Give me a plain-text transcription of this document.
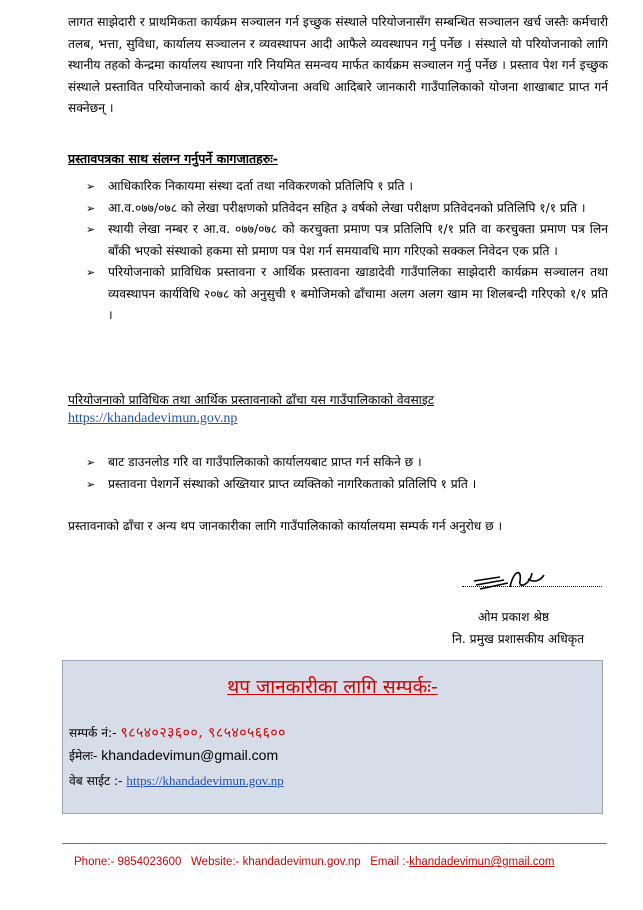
लागत साझेदारी र प्राथमिकता कार्यक्रम सञ्चालन गर्न इच्छुक संस्थाले परियोजनासँग सम्बन्धित सञ्चालन खर्च जस्तैः कर्मचारी तलब, भत्ता, सुविधा, कार्यालय सञ्चालन र व्यवस्थापन आदी आफैले व्यवस्थापन गर्नु पर्नेछ । संस्थाले यो परियोजनाको लागि स्थानीय तहको केन्द्रमा कार्यालय स्थापना गरि नियमित समन्वय मार्फत कार्यक्रम सञ्चालन गर्नु पर्नेछ । प्रस्ताव पेश गर्न इच्छुक संस्थाले प्रस्तावित परियोजनाको कार्य क्षेत्र,परियोजना अवधि आदिबारे जानकारी गाउँपालिकाको योजना शाखाबाट प्राप्त गर्न सक्नेछन् ।

प्रस्तावपत्रका साथ संलग्न गर्नुपर्ने कागजातहरुः-

➢ आधिकारिक निकायमा संस्था दर्ता तथा नविकरणको प्रतिलिपि १ प्रति ।
➢ आ.व.०७७/०७८ को लेखा परीक्षणको प्रतिवेदन सहित ३ वर्षको लेखा परीक्षण प्रतिवेदनको प्रतिलिपि १/१ प्रति ।
➢ स्थायी लेखा नम्बर र आ.व. ०७७/०७८ को करचुक्ता प्रमाण पत्र प्रतिलिपि १/१ प्रति वा करचुक्ता प्रमाण पत्र लिन बाँकी भएको संस्थाको हकमा सो प्रमाण पत्र पेश गर्न समयावधि माग गरिएको सक्कल निवेदन एक प्रति ।
➢ परियोजनाको प्राविधिक प्रस्तावना र आर्थिक प्रस्तावना खाडादेवी गाउँपालिका साझेदारी कार्यक्रम सञ्चालन तथा व्यवस्थापन कार्यविधि २०७८ को अनुसुची १ बमोजिमको ढाँचामा अलग अलग खाम मा शिलबन्दी गरिएको १/१ प्रति ।

परियोजनाको प्राविधिक तथा आर्थिक प्रस्तावनाको ढाँचा यस गाउँपालिकाको वेवसाइट

https://khandadevimun.gov.np
➢ बाट डाउनलोड गरि वा गाउँपालिकाको कार्यालयबाट प्राप्त गर्न सकिने छ ।
➢ प्रस्तावना पेशगर्ने संस्थाको अख्तियार प्राप्त व्यक्तिको नागरिकताको प्रतिलिपि १ प्रति ।

प्रस्तावनाको ढाँचा र अन्य थप जानकारीका लागि गाउँपालिकाको कार्यालयमा सम्पर्क गर्न अनुरोध छ ।

ओम प्रकाश श्रेष्ठ
नि. प्रमुख प्रशासकीय अधिकृत
थप जानकारीका लागि सम्पर्कः-
सम्पर्क नं:- ९८५४०२३६००, ९८५४०५६६००
ईमेलः- khandadevimun@gmail.com
वेब साईट :- https://khandadevimun.gov.np
Phone:- 9854023600 Website:- khandadevimun.gov.np Email :-khandadevimun@gmail.com
